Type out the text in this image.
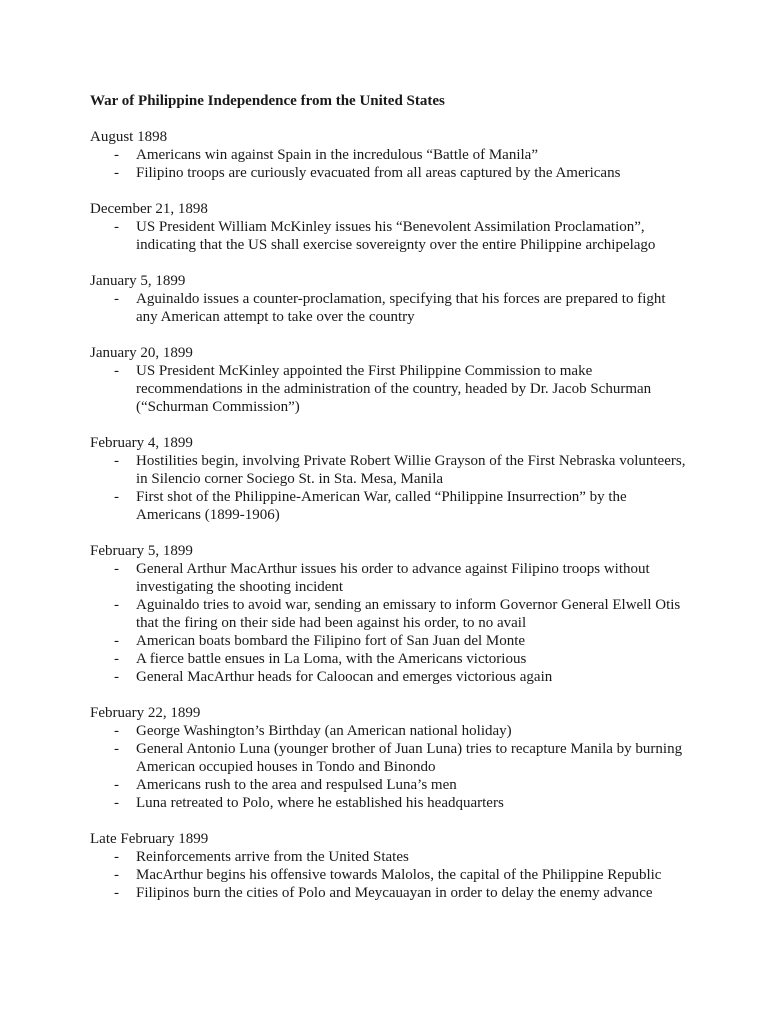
War of Philippine Independence from the United States
August 1898
- Americans win against Spain in the incredulous “Battle of Manila”
- Filipino troops are curiously evacuated from all areas captured by the Americans
December 21, 1898
- US President William McKinley issues his “Benevolent Assimilation Proclamation”, indicating that the US shall exercise sovereignty over the entire Philippine archipelago
January 5, 1899
- Aguinaldo issues a counter-proclamation, specifying that his forces are prepared to fight any American attempt to take over the country
January 20, 1899
- US President McKinley appointed the First Philippine Commission to make recommendations in the administration of the country, headed by Dr. Jacob Schurman (“Schurman Commission”)
February 4, 1899
- Hostilities begin, involving Private Robert Willie Grayson of the First Nebraska volunteers, in Silencio corner Sociego St. in Sta. Mesa, Manila
- First shot of the Philippine-American War, called “Philippine Insurrection” by the Americans (1899-1906)
February 5, 1899
- General Arthur MacArthur issues his order to advance against Filipino troops without investigating the shooting incident
- Aguinaldo tries to avoid war, sending an emissary to inform Governor General Elwell Otis that the firing on their side had been against his order, to no avail
- American boats bombard the Filipino fort of San Juan del Monte
- A fierce battle ensues in La Loma, with the Americans victorious
- General MacArthur heads for Caloocan and emerges victorious again
February 22, 1899
- George Washington’s Birthday (an American national holiday)
- General Antonio Luna (younger brother of Juan Luna) tries to recapture Manila by burning American occupied houses in Tondo and Binondo
- Americans rush to the area and respulsed Luna’s men
- Luna retreated to Polo, where he established his headquarters
Late February 1899
- Reinforcements arrive from the United States
- MacArthur begins his offensive towards Malolos, the capital of the Philippine Republic
- Filipinos burn the cities of Polo and Meycauayan in order to delay the enemy advance
